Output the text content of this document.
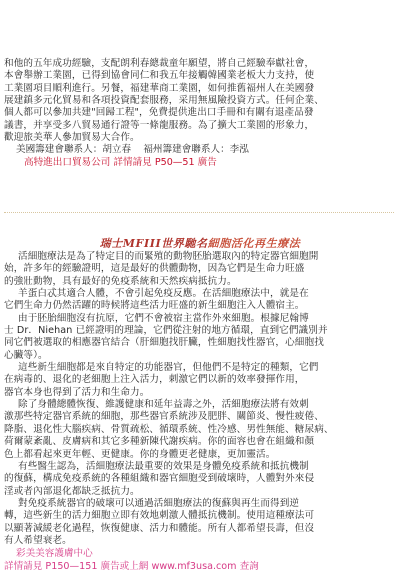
和他的五年成功經驗，支配朗利春總裁童年願望，將自己經驗奉獻社會，

本會舉辦工業園，已得到協會同仁和我五年接觸韓國業老板大力支持，使

工業園項目順利進行。另餐，福建華商工業園，如何推舊福州人在美國發

展建鎮多元化貿易和各項投資配套服務，采用無風險投資方式。任何企業、

個人都可以參加共建"回歸工程"，免費提供進出口手冊和有關有退產品發

議書，并享受多八貿易通行證等一條龍服務。為了擴大工業園的形象力，

歡迎旅美華人參加貿易大合作。

美國籌建會聯系人：胡立春    福州籌建會聯系人：李泓

高特進出口貿易公司 詳情請見 P50—51 廣告

瑞士MFIII世界馳名細胞活化再生療法

活細胞療法是為了特定目的而緊殖的動物胚胎選取內的特定器官細胞開
始，許多年的經驗證明，這是最好的供體動物，因為它們是生命力旺盛
的強壯動物，具有最好的免疫系統和天然疾病抵抗力。

羊蛋白忒其適合人體，不會引起免疫反應。在活細胞療法中，就是在
它們生命力仍然活躍的時候將這些活力旺盛的新生細胞注入人體宿主。

由于胚胎細胞沒有抗原，它們不會被宿主當作外來細胞。根據尼翰博
士 Dr．Niehan 已經證明的理論，它們從注射的地方循環，直到它們識別并
同它們被選取的相應器官結合（肝細胞找肝臟，性細胞找性器官，心細胞找
心臟等）。

這些新生細胞都是來自特定的功能器官，但他們不是特定的種類，它們
在病毒的、退化的老細胞上注入活力，刺激它們以新的效率發揮作用，
器官本身也得到了活力和生命力。

除了身體總體恢復、維護健康和延年益壽之外，活細胞療法將有效刺
激那些特定器官系統的細胞，那些器官系統涉及肥胖、關節炎、慢性疲倦、
降脂、退化性大腦疾病、骨質疏松、循環系統、性冷感、男性無能、糖尿病、
荷爾蒙紊亂、皮膚病和其它多種新陳代謝疾病。你的面容也會在組織和顏
色上都看起來更年輕、更健康。你的身體更老健康，更加靈活。

有些醫生認為，活細胞療法最重要的效果是身體免疫系統和抵抗機制
的復蘇，構成免疫系統的各種組織和器官細胞受到破壞時，人體對外來侵
淫或者內部退化都缺乏抵抗力。

對免疫系統器官的破壞可以通過活細胞療法的復蘇與再生而得到逆
轉，這些新生的活力細胞立即有效地刺激人體抵抗機制。使用這種療法可
以顯著減緩老化過程，恢復健康、活力和體能。所有人都希望長壽，但沒
有人希望衰老。

彩美美容護膚中心

詳情請見 P150—151 廣告或上網 www.mf3usa.com 查詢
